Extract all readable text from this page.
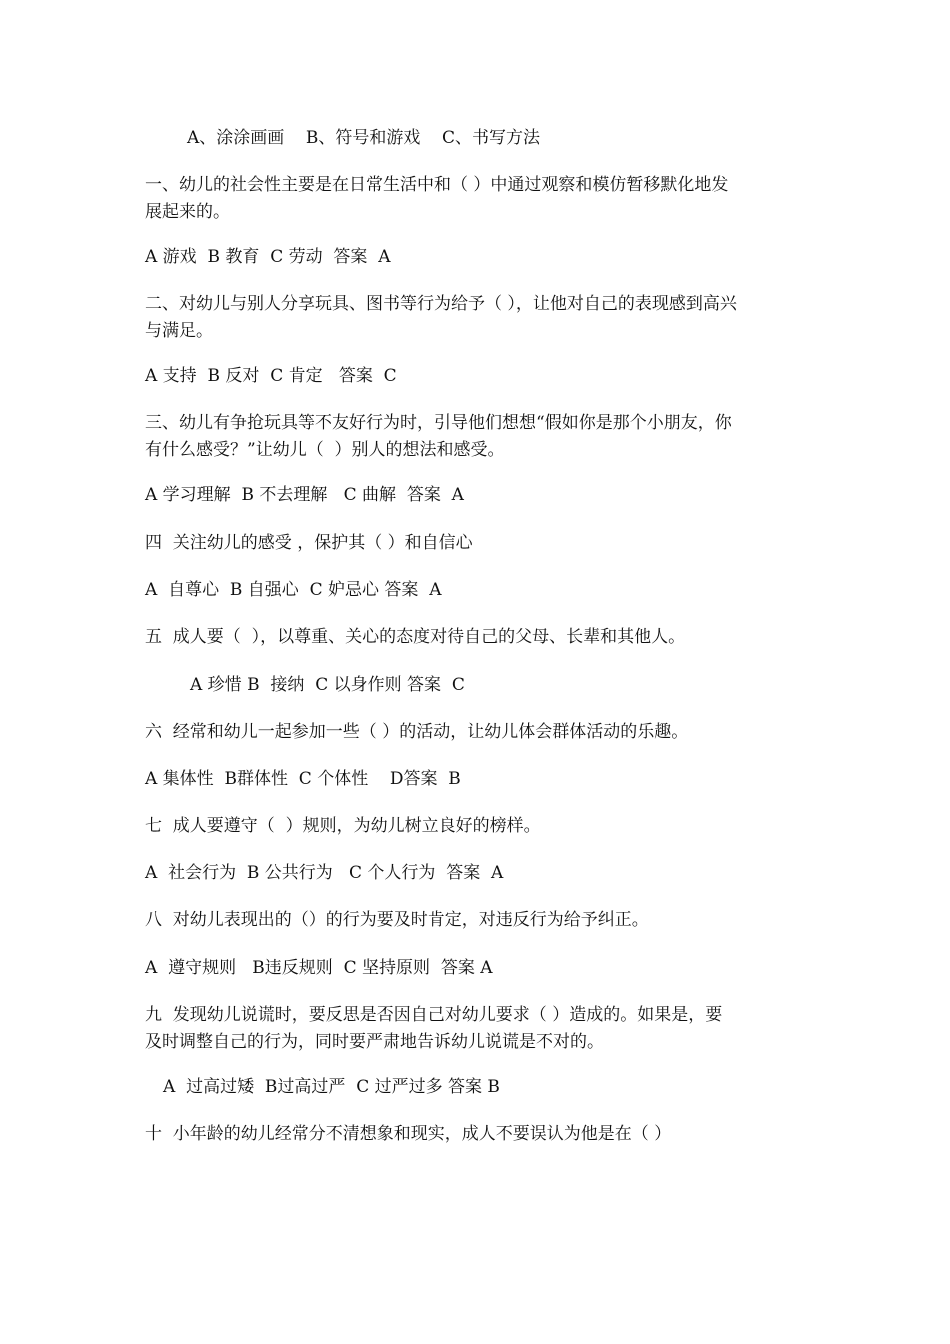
A、涂涂画画    B、符号和游戏    C、书写方法
一、幼儿的社会性主要是在日常生活中和（ ）中通过观察和模仿暂移默化地发
展起来的。
A 游戏  B 教育  C 劳动  答案  A
二、对幼儿与别人分享玩具、图书等行为给予（ ），让他对自己的表现感到高兴
与满足。
A 支持  B 反对  C 肯定   答案  C
三、幼儿有争抢玩具等不友好行为时，引导他们想想“假如你是那个小朋友，你
有什么感受？”让幼儿（  ）别人的想法和感受。
A 学习理解  B 不去理解   C 曲解  答案  A
四  关注幼儿的感受 ，保护其（ ）和自信心
A  自尊心  B 自强心  C 妒忌心 答案  A
五  成人要（  ），以尊重、关心的态度对待自己的父母、长辈和其他人。
A 珍惜 B  接纳  C 以身作则 答案  C
六  经常和幼儿一起参加一些（ ）的活动，让幼儿体会群体活动的乐趣。
A 集体性  B群体性  C 个体性    D答案  B
七  成人要遵守（  ）规则，为幼儿树立良好的榜样。
A  社会行为  B 公共行为   C 个人行为  答案  A
八  对幼儿表现出的（）的行为要及时肯定，对违反行为给予纠正。
A  遵守规则   B违反规则  C 坚持原则  答案 A
九  发现幼儿说谎时，要反思是否因自己对幼儿要求（ ）造成的。如果是，要
及时调整自己的行为，同时要严肃地告诉幼儿说谎是不对的。
A  过高过矮  B过高过严  C 过严过多 答案 B
十  小年龄的幼儿经常分不清想象和现实，成人不要误认为他是在（ ）
